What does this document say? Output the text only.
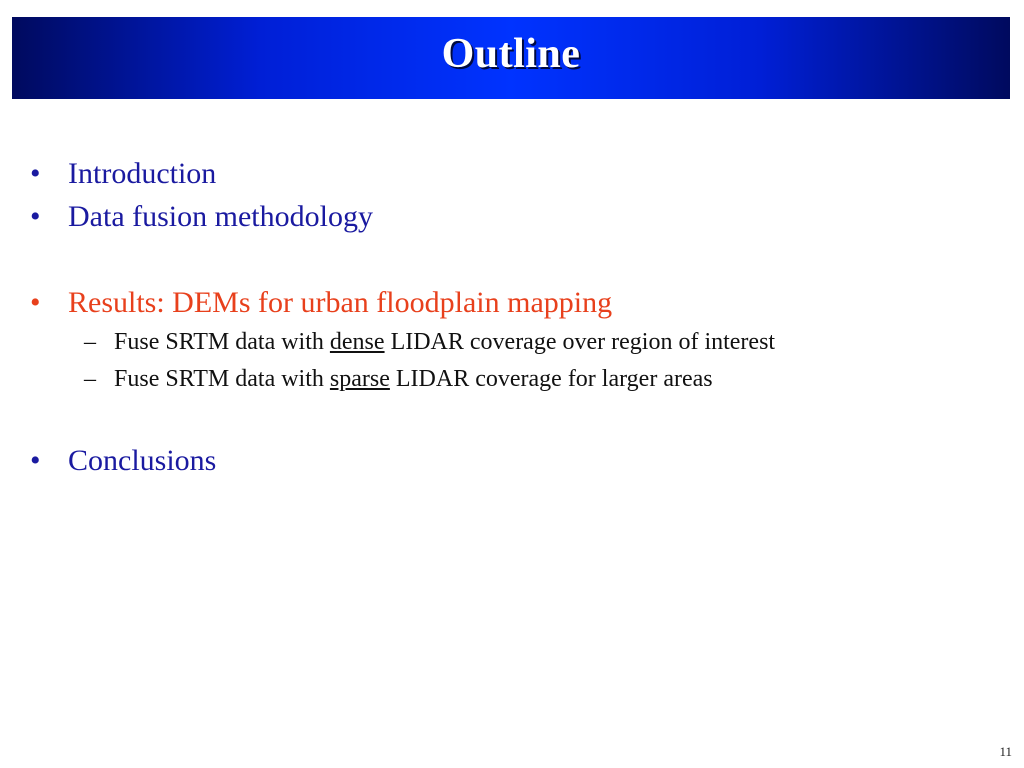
Outline
• Introduction
• Data fusion methodology
• Results: DEMs for urban floodplain mapping
– Fuse SRTM data with dense LIDAR coverage over region of interest
– Fuse SRTM data with sparse LIDAR coverage for larger areas
• Conclusions
11
